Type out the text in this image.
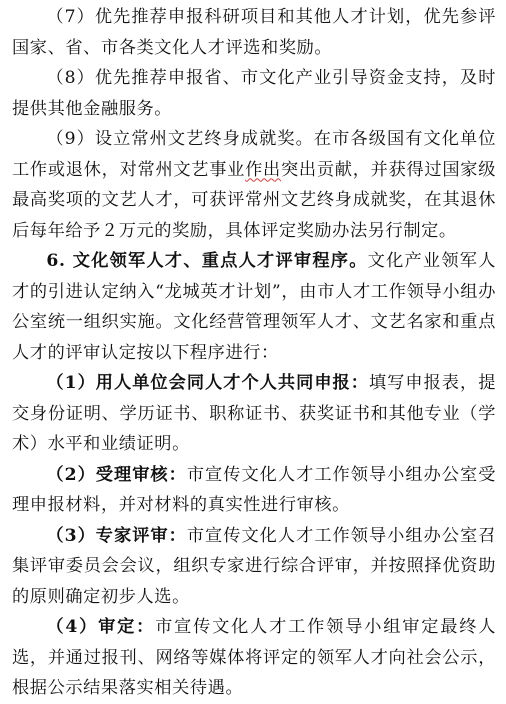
（7）优先推荐申报科研项目和其他人才计划，优先参评国家、省、市各类文化人才评选和奖励。

（8）优先推荐申报省、市文化产业引导资金支持，及时提供其他金融服务。

（9）设立常州文艺终身成就奖。在市各级国有文化单位工作或退休，对常州文艺事业作出突出贡献，并获得过国家级最高奖项的文艺人才，可获评常州文艺终身成就奖，在其退休后每年给予２万元的奖励，具体评定奖励办法另行制定。

6. 文化领军人才、重点人才评审程序。文化产业领军人才的引进认定纳入“龙城英才计划”，由市人才工作领导小组办公室统一组织实施。文化经营管理领军人才、文艺名家和重点人才的评审认定按以下程序进行：

（1）用人单位会同人才个人共同申报：填写申报表，提交身份证明、学历证书、职称证书、获奖证书和其他专业（学术）水平和业绩证明。

（2）受理审核：市宣传文化人才工作领导小组办公室受理申报材料，并对材料的真实性进行审核。

（3）专家评审：市宣传文化人才工作领导小组办公室召集评审委员会会议，组织专家进行综合评审，并按照择优资助的原则确定初步人选。

（4）审定：市宣传文化人才工作领导小组审定最终人选，并通过报刊、网络等媒体将评定的领军人才向社会公示，根据公示结果落实相关待遇。
